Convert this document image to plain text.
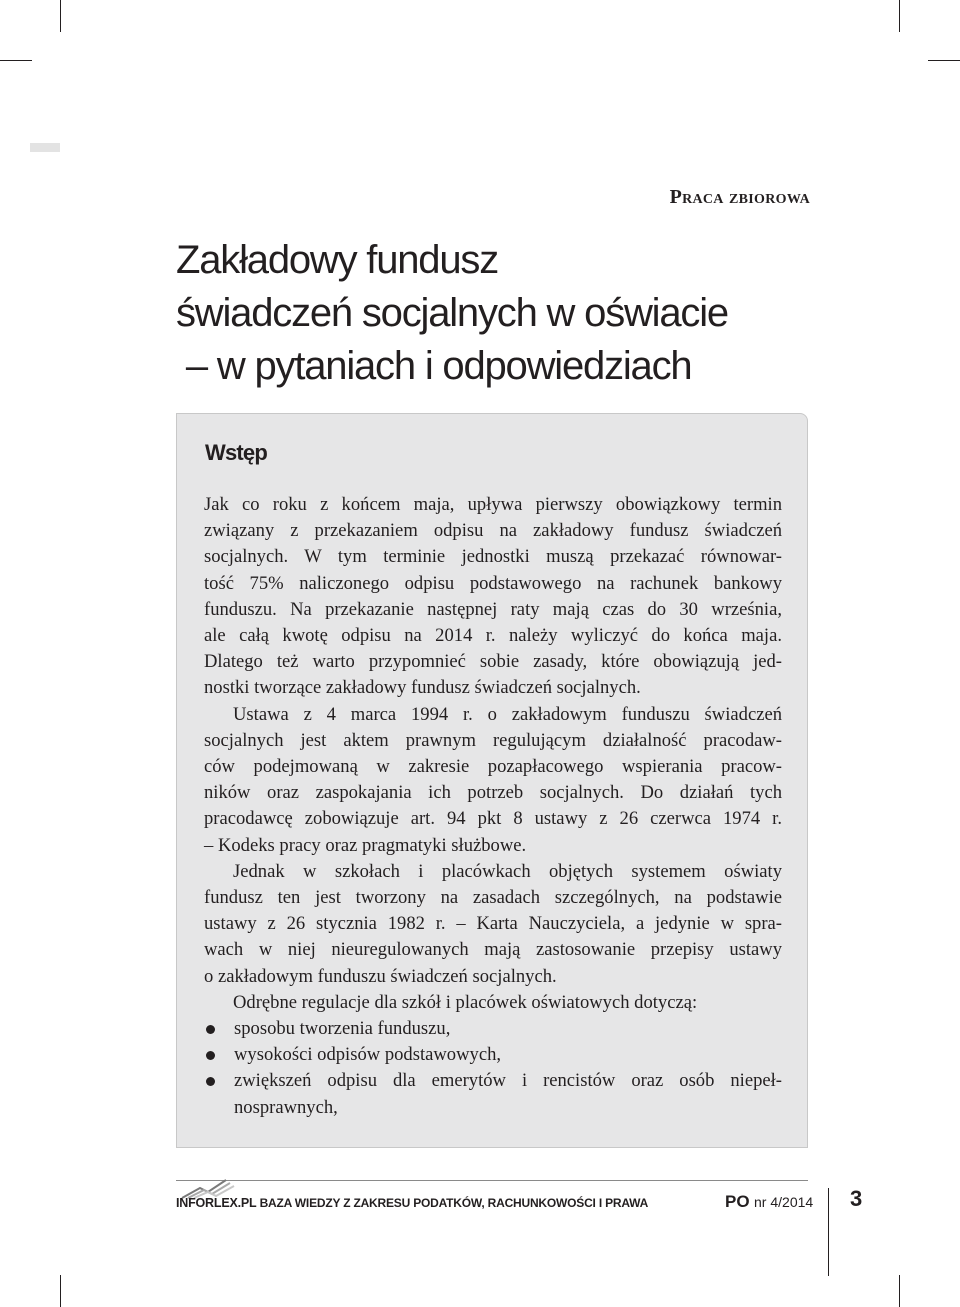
Praca zbiorowa
Zakładowy fundusz
świadczeń socjalnych w oświacie
– w pytaniach i odpowiedziach
Wstęp
Jak co roku z końcem maja, upływa pierwszy obowiązkowy termin
związany z przekazaniem odpisu na zakładowy fundusz świadczeń
socjalnych. W tym terminie jednostki muszą przekazać równowar-
tość 75% naliczonego odpisu podstawowego na rachunek bankowy
funduszu. Na przekazanie następnej raty mają czas do 30 września,
ale całą kwotę odpisu na 2014 r. należy wyliczyć do końca maja.
Dlatego też warto przypomnieć sobie zasady, które obowiązują jed-
nostki tworzące zakładowy fundusz świadczeń socjalnych.
Ustawa z 4 marca 1994 r. o zakładowym funduszu świadczeń
socjalnych jest aktem prawnym regulującym działalność pracodaw-
ców podejmowaną w zakresie pozapłacowego wspierania pracow-
ników oraz zaspokajania ich potrzeb socjalnych. Do działań tych
pracodawcę zobowiązuje art. 94 pkt 8 ustawy z 26 czerwca 1974 r.
– Kodeks pracy oraz pragmatyki służbowe.
Jednak w szkołach i placówkach objętych systemem oświaty
fundusz ten jest tworzony na zasadach szczególnych, na podstawie
ustawy z 26 stycznia 1982 r. – Karta Nauczyciela, a jedynie w spra-
wach w niej nieuregulowanych mają zastosowanie przepisy ustawy
o zakładowym funduszu świadczeń socjalnych.
Odrębne regulacje dla szkół i placówek oświatowych dotyczą:
sposobu tworzenia funduszu,
wysokości odpisów podstawowych,
zwiększeń odpisu dla emerytów i rencistów oraz osób niepeł-
nosprawnych,
INFORLEX.PL BAZA WIEDZY Z ZAKRESU PODATKÓW, RACHUNKOWOŚCI I PRAWA	PO nr 4/2014 3
